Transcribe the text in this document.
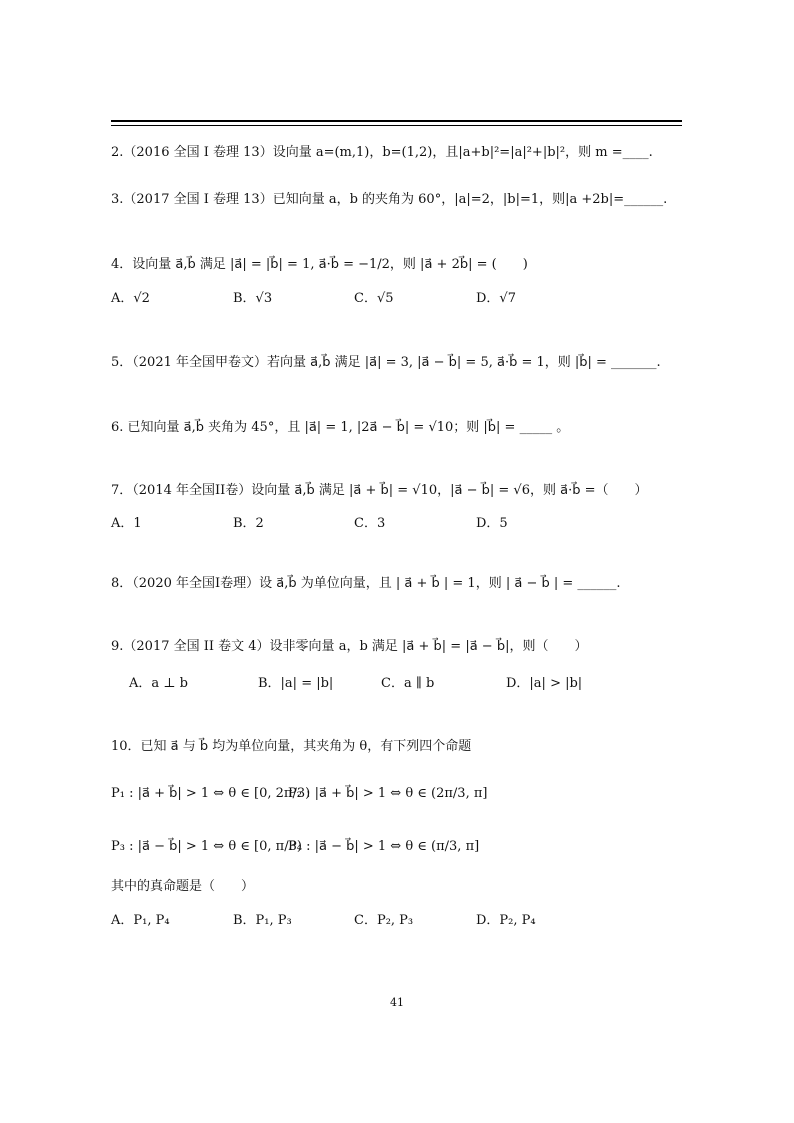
2.（2016 全国 I 卷理 13）设向量 a=(m,1)，b=(1,2)，且|a+b|²=|a|²+|b|²，则 m =____.
3.（2017 全国 I 卷理 13）已知向量 a，b 的夹角为 60°，|a|=2，|b|=1，则|a +2b|=______.
4．设向量 a⃗,b⃗ 满足 |a⃗| = |b⃗| = 1, a⃗·b⃗ = −1/2，则 |a⃗ + 2b⃗| = (　　)
A．√2	B．√3	C．√5	D．√7
5．（2021 年全国甲卷文）若向量 a⃗,b⃗ 满足 |a⃗| = 3, |a⃗ − b⃗| = 5, a⃗·b⃗ = 1，则 |b⃗| = _______.
6. 已知向量 a⃗,b⃗ 夹角为 45°，且 |a⃗| = 1, |2a⃗ − b⃗| = √10；则 |b⃗| = _____ 。
7．（2014 年全国II卷）设向量 a⃗,b⃗ 满足 |a⃗ + b⃗| = √10，|a⃗ − b⃗| = √6，则 a⃗·b⃗ =（　　）
A．1	B．2	C．3	D．5
8．（2020 年全国I卷理）设 a⃗,b⃗ 为单位向量，且 | a⃗ + b⃗ | = 1，则 | a⃗ − b⃗ | = ______.
9.（2017 全国 II 卷文 4）设非零向量 a，b 满足 |a⃗ + b⃗| = |a⃗ − b⃗|，则（　　）
A．a ⊥ b	B．|a| = |b|	C．a ∥ b	D．|a| > |b|
10．已知 a⃗ 与 b⃗ 均为单位向量，其夹角为 θ，有下列四个命题
P₁ : |a⃗ + b⃗| > 1 ⇔ θ ∈ [0, 2π/3)
P₂ : |a⃗ + b⃗| > 1 ⇔ θ ∈ (2π/3, π]
P₃ : |a⃗ − b⃗| > 1 ⇔ θ ∈ [0, π/3)
P₄ : |a⃗ − b⃗| > 1 ⇔ θ ∈ (π/3, π]
其中的真命题是（　　）
A．P₁, P₄	B．P₁, P₃	C．P₂, P₃	D．P₂, P₄
41
